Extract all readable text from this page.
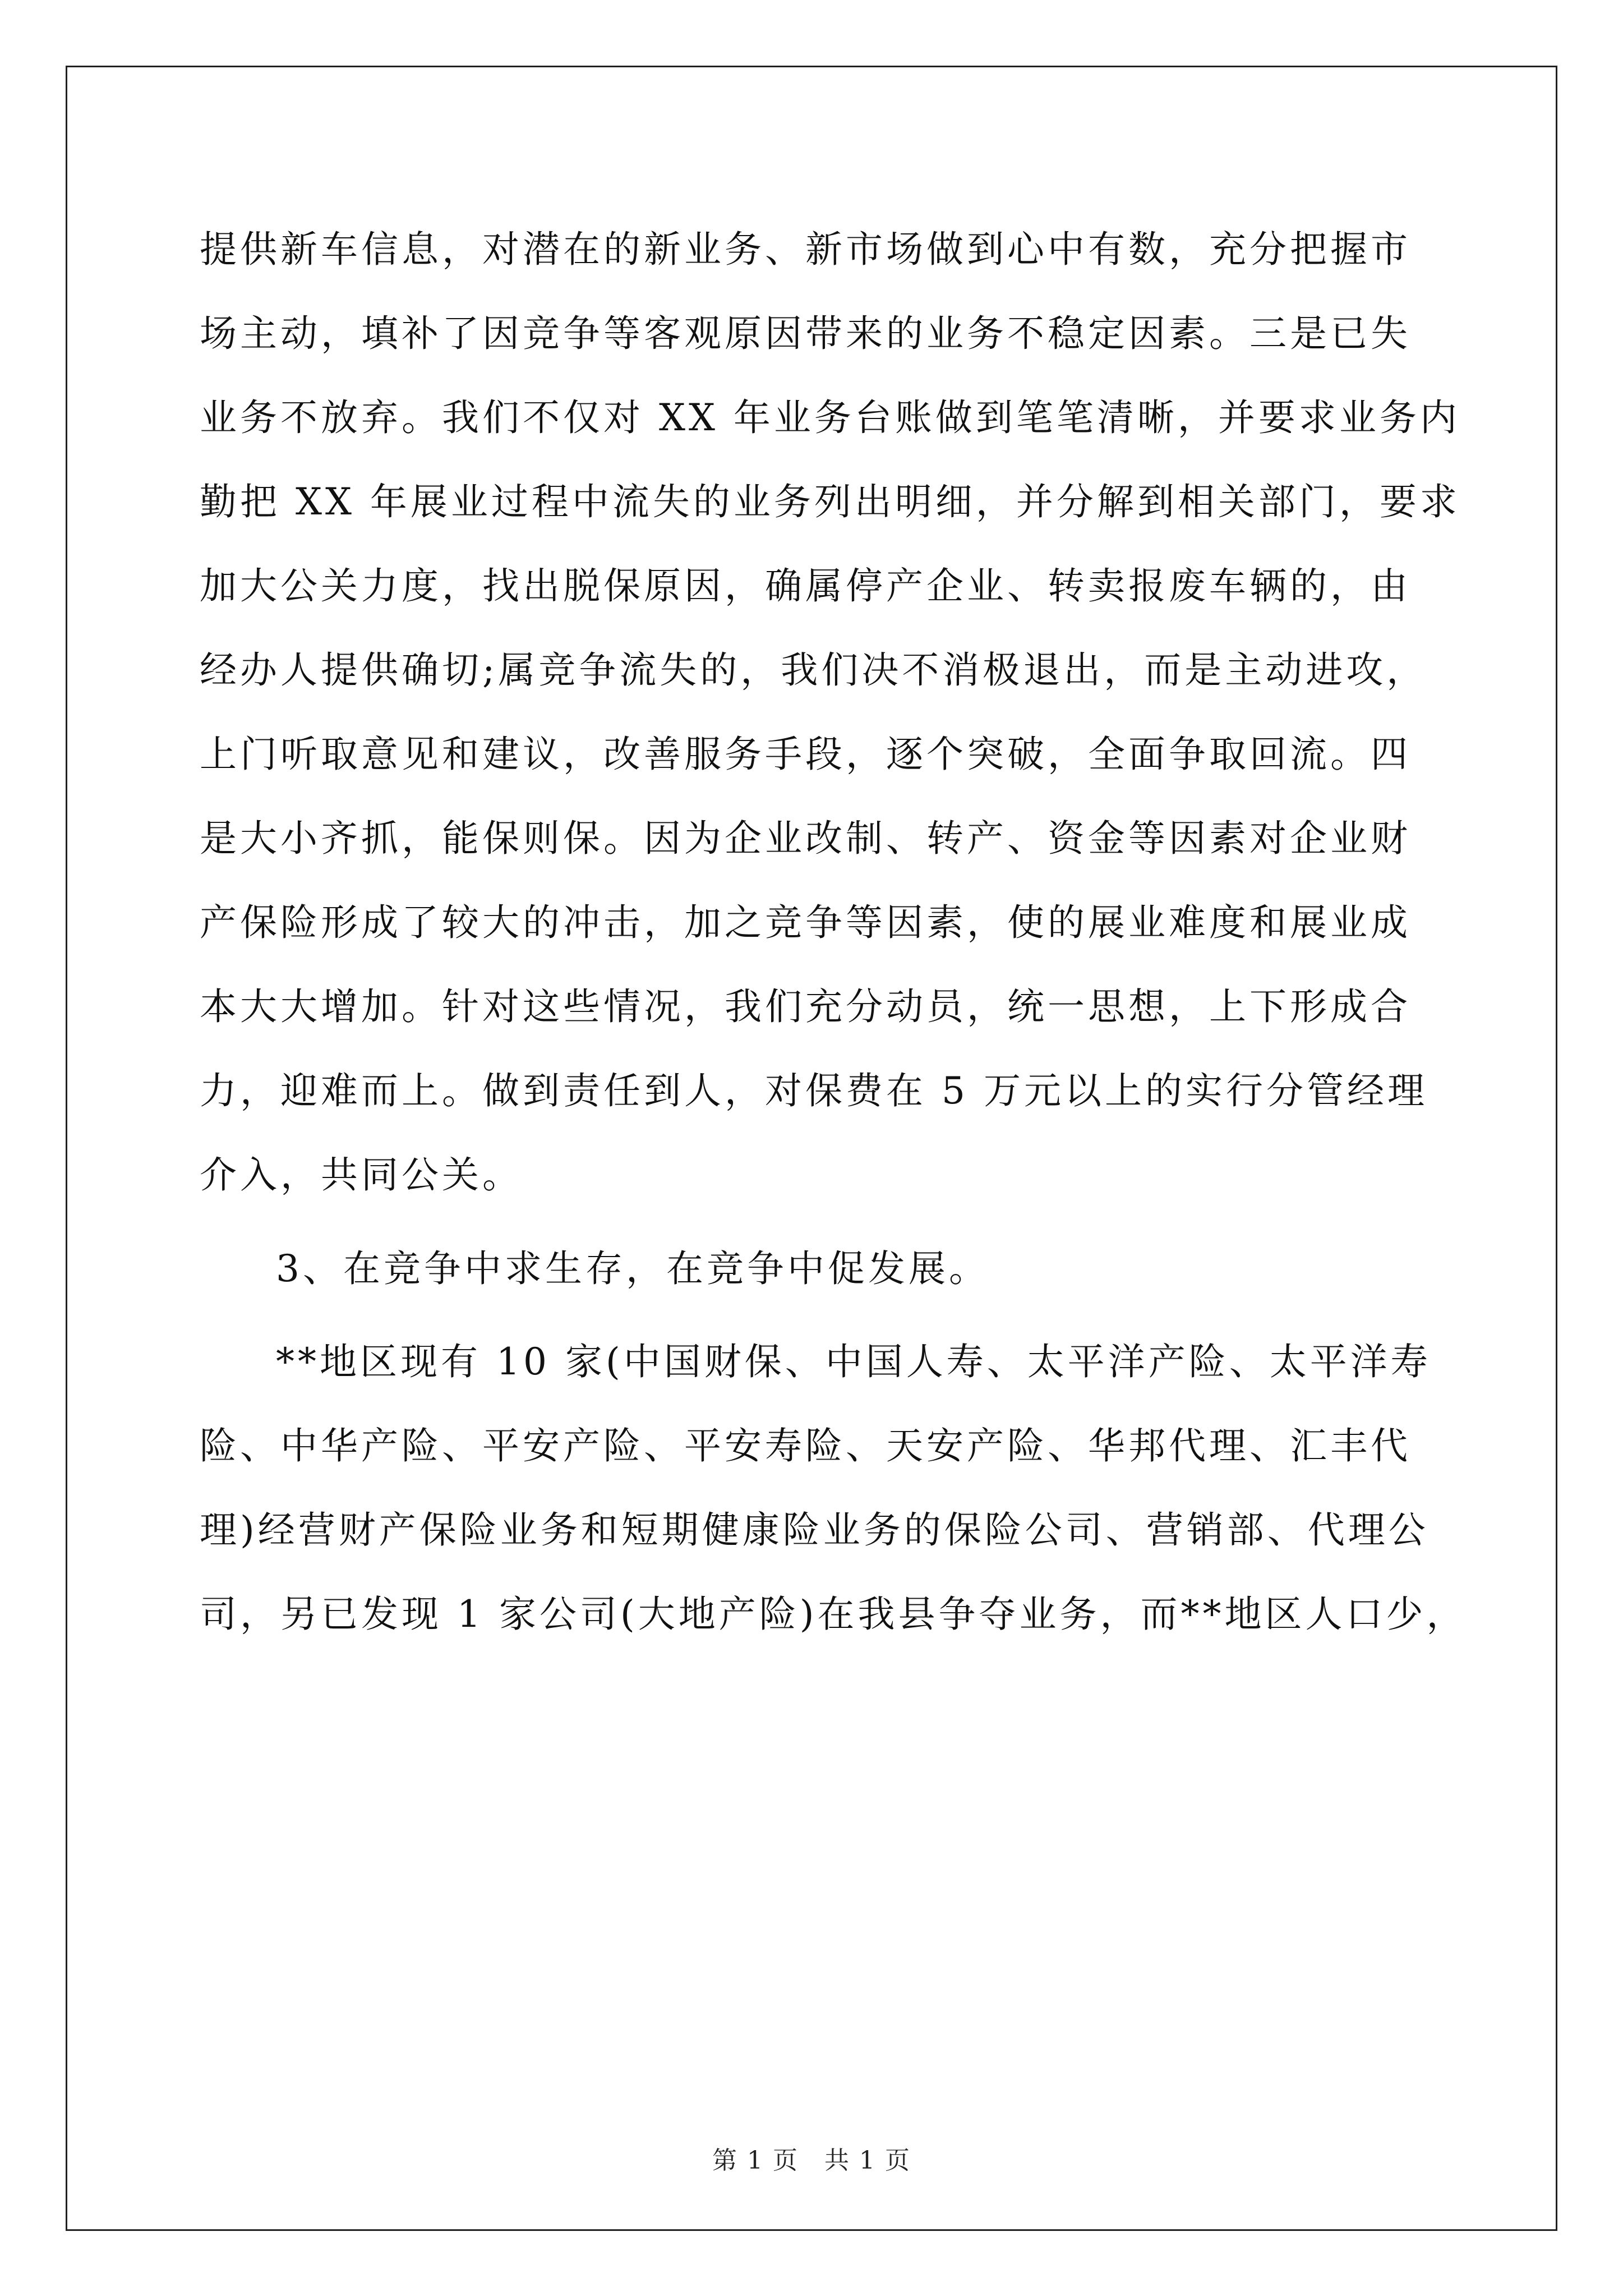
提供新车信息，对潜在的新业务、新市场做到心中有数，充分把握市
场主动，填补了因竞争等客观原因带来的业务不稳定因素。三是已失
业务不放弃。我们不仅对 XX 年业务台账做到笔笔清晰，并要求业务内
勤把 XX 年展业过程中流失的业务列出明细，并分解到相关部门，要求
加大公关力度，找出脱保原因，确属停产企业、转卖报废车辆的，由
经办人提供确切;属竞争流失的，我们决不消极退出，而是主动进攻，
上门听取意见和建议，改善服务手段，逐个突破，全面争取回流。四
是大小齐抓，能保则保。因为企业改制、转产、资金等因素对企业财
产保险形成了较大的冲击，加之竞争等因素，使的展业难度和展业成
本大大增加。针对这些情况，我们充分动员，统一思想，上下形成合
力，迎难而上。做到责任到人，对保费在 5 万元以上的实行分管经理
介入，共同公关。
3、在竞争中求生存，在竞争中促发展。
**地区现有 10 家(中国财保、中国人寿、太平洋产险、太平洋寿
险、中华产险、平安产险、平安寿险、天安产险、华邦代理、汇丰代
理)经营财产保险业务和短期健康险业务的保险公司、营销部、代理公
司，另已发现 1 家公司(大地产险)在我县争夺业务，而**地区人口少，
第 1 页　共 1 页
